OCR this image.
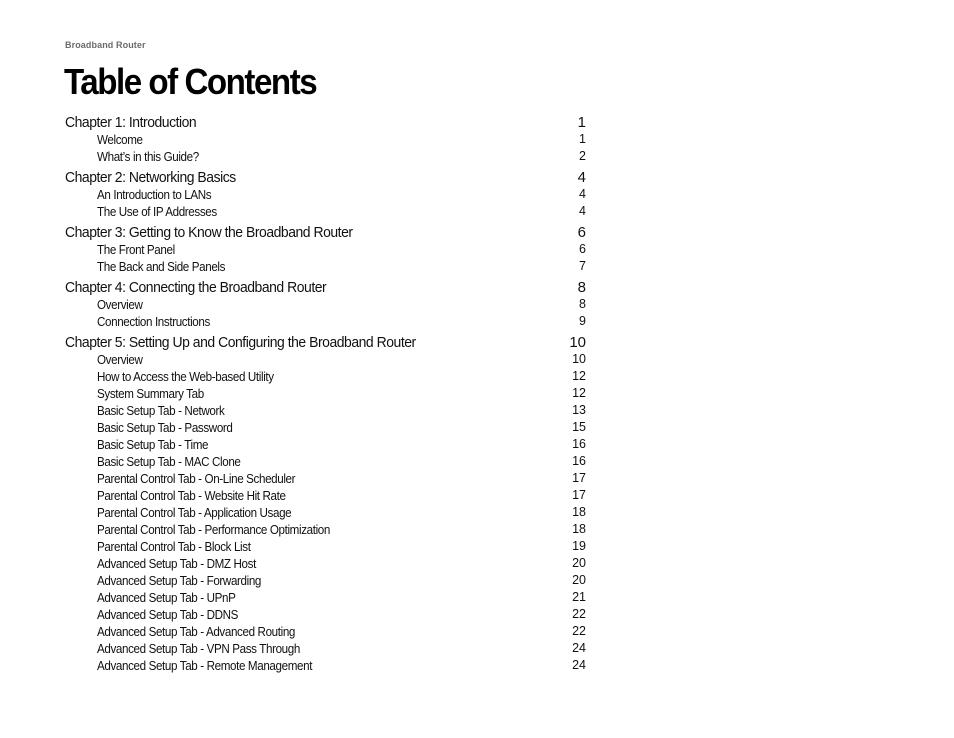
Broadband Router
Table of Contents
Chapter 1: Introduction	1
Welcome	1
What’s in this Guide?	2
Chapter 2: Networking Basics	4
An Introduction to LANs	4
The Use of IP Addresses	4
Chapter 3: Getting to Know the Broadband Router	6
The Front Panel	6
The Back and Side Panels	7
Chapter 4: Connecting the Broadband Router	8
Overview	8
Connection Instructions	9
Chapter 5: Setting Up and Configuring the Broadband Router	10
Overview	10
How to Access the Web-based Utility	12
System Summary Tab	12
Basic Setup Tab - Network	13
Basic Setup Tab - Password	15
Basic Setup Tab - Time	16
Basic Setup Tab - MAC Clone	16
Parental Control Tab - On-Line Scheduler	17
Parental Control Tab - Website Hit Rate	17
Parental Control Tab - Application Usage	18
Parental Control Tab - Performance Optimization	18
Parental Control Tab - Block List	19
Advanced Setup Tab - DMZ Host	20
Advanced Setup Tab - Forwarding	20
Advanced Setup Tab - UPnP	21
Advanced Setup Tab - DDNS	22
Advanced Setup Tab - Advanced Routing	22
Advanced Setup Tab - VPN Pass Through	24
Advanced Setup Tab - Remote Management	24
